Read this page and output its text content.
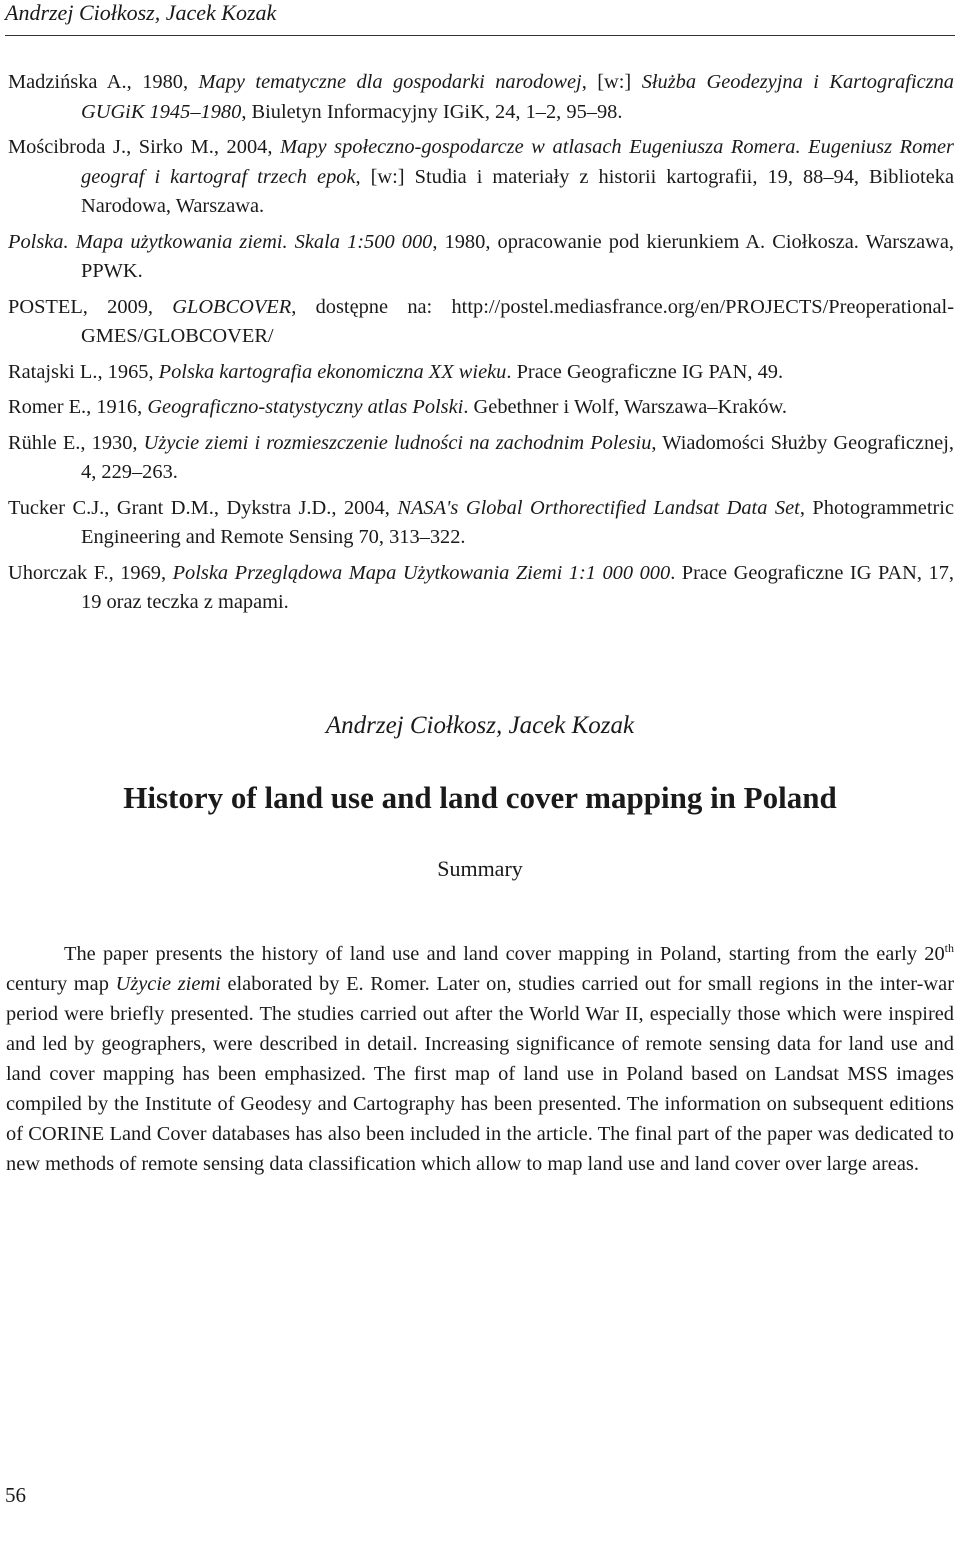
Andrzej Ciołkosz, Jacek Kozak

Madzińska A., 1980, Mapy tematyczne dla gospodarki narodowej, [w:] Służba Geodezyjna i Kartograficzna GUGiK 1945–1980, Biuletyn Informacyjny IGiK, 24, 1–2, 95–98.

Mościbroda J., Sirko M., 2004, Mapy społeczno-gospodarcze w atlasach Eugeniusza Romera. Eugeniusz Romer geograf i kartograf trzech epok, [w:] Studia i materiały z historii kartografii, 19, 88–94, Biblioteka Narodowa, Warszawa.

Polska. Mapa użytkowania ziemi. Skala 1:500 000, 1980, opracowanie pod kierunkiem A. Ciołkosza. Warszawa, PPWK.

POSTEL, 2009, GLOBCOVER, dostępne na: http://postel.mediasfrance.org/en/PROJECTS/Preoperational-GMES/GLOBCOVER/

Ratajski L., 1965, Polska kartografia ekonomiczna XX wieku. Prace Geograficzne IG PAN, 49.

Romer E., 1916, Geograficzno-statystyczny atlas Polski. Gebethner i Wolf, Warszawa–Kraków.

Rühle E., 1930, Użycie ziemi i rozmieszczenie ludności na zachodnim Polesiu, Wiadomości Służby Geograficznej, 4, 229–263.

Tucker C.J., Grant D.M., Dykstra J.D., 2004, NASA's Global Orthorectified Landsat Data Set, Photogrammetric Engineering and Remote Sensing 70, 313–322.

Uhorczak F., 1969, Polska Przeglądowa Mapa Użytkowania Ziemi 1:1 000 000. Prace Geograficzne IG PAN, 17, 19 oraz teczka z mapami.

Andrzej Ciołkosz, Jacek Kozak
History of land use and land cover mapping in Poland
Summary

The paper presents the history of land use and land cover mapping in Poland, starting from the early 20th century map Użycie ziemi elaborated by E. Romer. Later on, studies carried out for small regions in the inter-war period were briefly presented. The studies carried out after the World War II, especially those which were inspired and led by geographers, were described in detail. Increasing significance of remote sensing data for land use and land cover mapping has been emphasized. The first map of land use in Poland based on Landsat MSS images compiled by the Institute of Geodesy and Cartography has been presented. The information on subsequent editions of CORINE Land Cover databases has also been included in the article. The final part of the paper was dedicated to new methods of remote sensing data classification which allow to map land use and land cover over large areas.

56
